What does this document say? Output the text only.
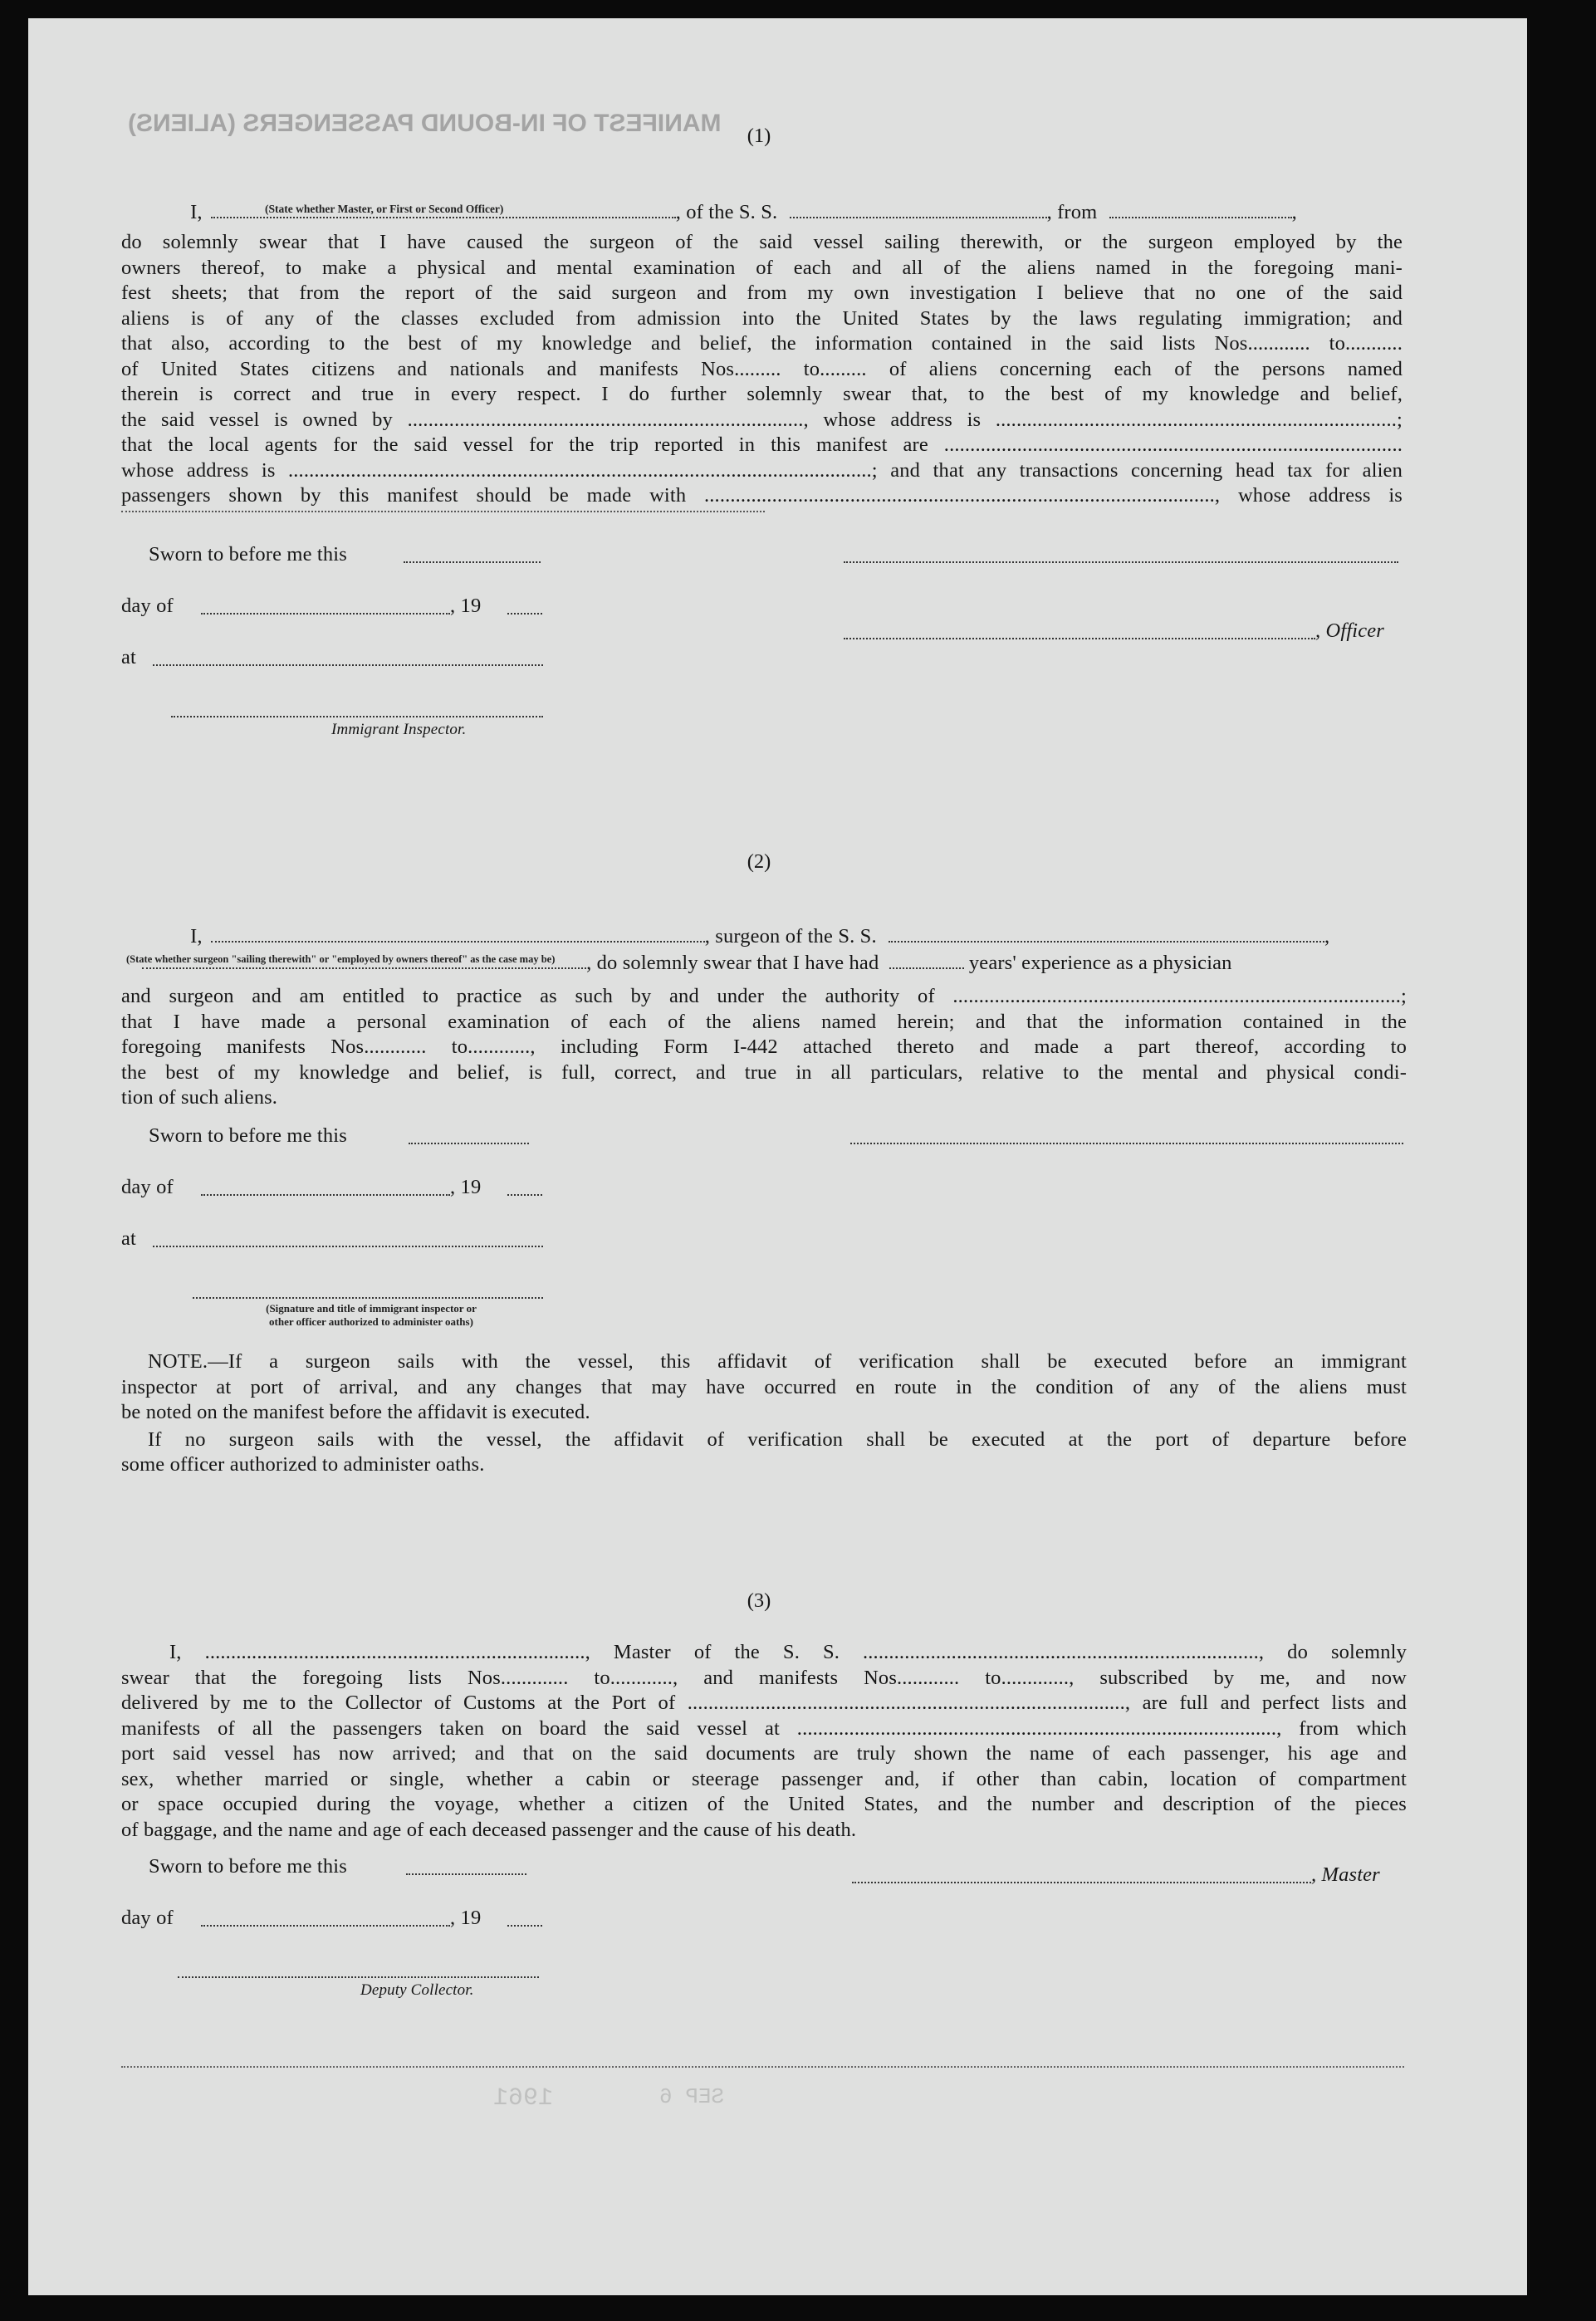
MANIFEST OF IN-BOUND PASSENGERS (ALIENS)
1961	SEP 6
(1)

I,	, of the S. S.	, from	,

(State whether Master, or First or Second Officer)
do solemnly swear that I have caused the surgeon of the said vessel sailing therewith, or the surgeon employed by the
owners thereof, to make a physical and mental examination of each and all of the aliens named in the foregoing mani-
fest sheets; that from the report of the said surgeon and from my own investigation I believe that no one of the said
aliens is of any of the classes excluded from admission into the United States by the laws regulating immigration; and
that also, according to the best of my knowledge and belief, the information contained in the said lists Nos............ to...........
of United States citizens and nationals and manifests Nos......... to......... of aliens concerning each of the persons named
therein is correct and true in every respect. I do further solemnly swear that, to the best of my knowledge and belief,
the said vessel is owned by ............................................................................, whose address is .............................................................................;
that the local agents for the said vessel for the trip reported in this manifest are ........................................................................................
whose address is ................................................................................................................; and that any transactions concerning head tax for alien
passengers shown by this manifest should be made with .................................................................................................., whose address is
Sworn to before me this
day of	, 19
, Officer
at
Immigrant Inspector.
(2)

I,	, surgeon of the S. S.	,

, do solemnly swear that I have had	years' experience as a physician

(State whether surgeon "sailing therewith" or "employed by owners thereof" as the case may be)
and surgeon and am entitled to practice as such by and under the authority of ......................................................................................;
that I have made a personal examination of each of the aliens named herein; and that the information contained in the
foregoing manifests Nos............ to............, including Form I-442 attached thereto and made a part thereof, according to
the best of my knowledge and belief, is full, correct, and true in all particulars, relative to the mental and physical condi-
tion of such aliens.
Sworn to before me this
day of	, 19
at
(Signature and title of immigrant inspector or
other officer authorized to administer oaths)
NOTE.—If a surgeon sails with the vessel, this affidavit of verification shall be executed before an immigrant
inspector at port of arrival, and any changes that may have occurred en route in the condition of any of the aliens must
be noted on the manifest before the affidavit is executed.
If no surgeon sails with the vessel, the affidavit of verification shall be executed at the port of departure before
some officer authorized to administer oaths.
(3)
I, ........................................................................., Master of the S. S. ............................................................................, do solemnly
swear that the foregoing lists Nos............. to............, and manifests Nos............ to............., subscribed by me, and now
delivered by me to the Collector of Customs at the Port of ...................................................................................., are full and perfect lists and
manifests of all the passengers taken on board the said vessel at ............................................................................................, from which
port said vessel has now arrived; and that on the said documents are truly shown the name of each passenger, his age and
sex, whether married or single, whether a cabin or steerage passenger and, if other than cabin, location of compartment
or space occupied during the voyage, whether a citizen of the United States, and the number and description of the pieces
of baggage, and the name and age of each deceased passenger and the cause of his death.
Sworn to before me this	, Master
day of	, 19
Deputy Collector.
